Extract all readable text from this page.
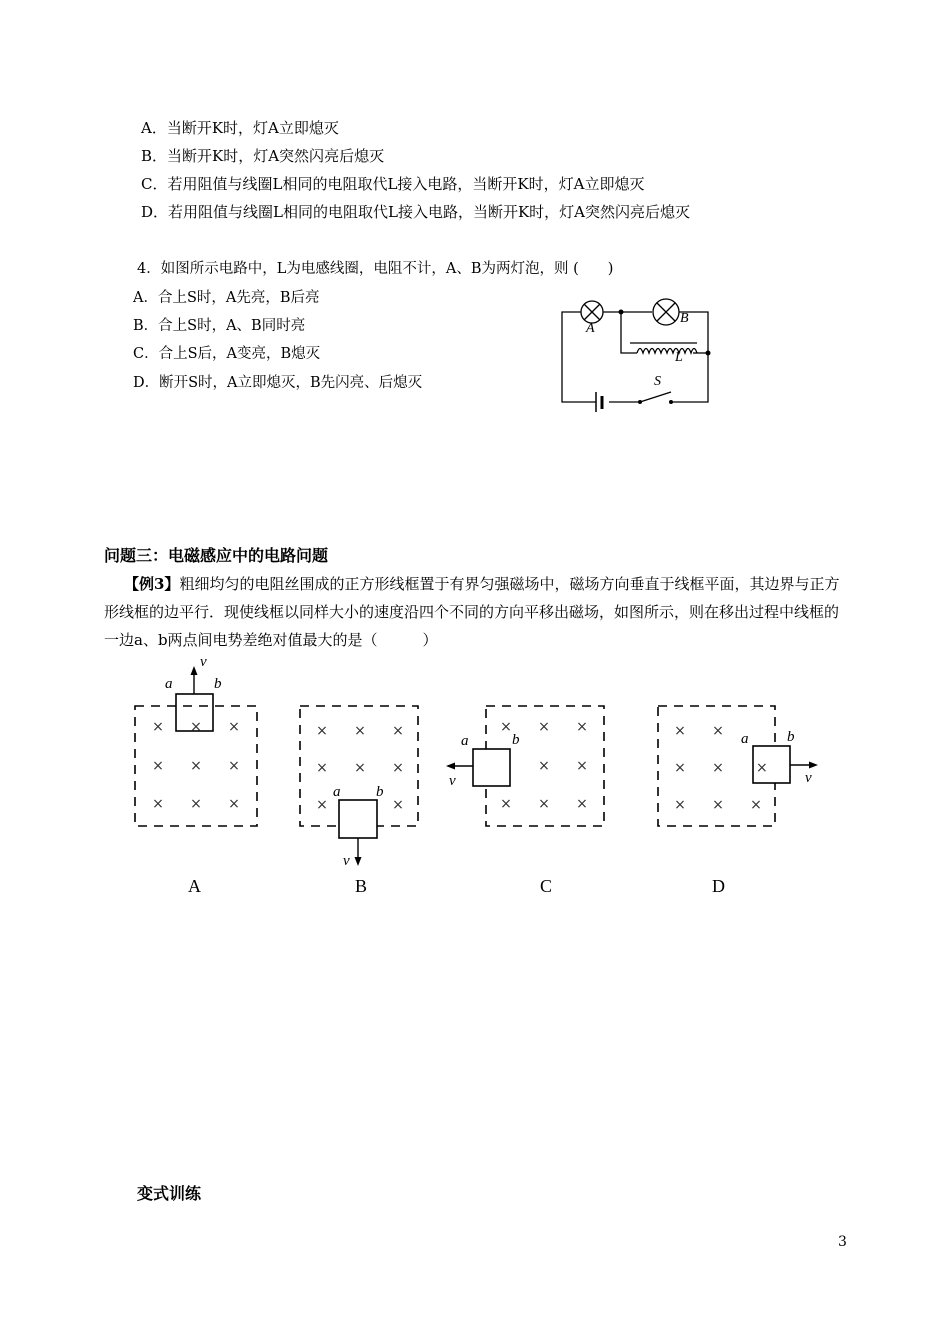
A．当断开K时，灯A立即熄灭
B．当断开K时，灯A突然闪亮后熄灭
C．若用阻值与线圈L相同的电阻取代L接入电路，当断开K时，灯A立即熄灭
D．若用阻值与线圈L相同的电阻取代L接入电路，当断开K时，灯A突然闪亮后熄灭
4．如图所示电路中，L为电感线圈，电阻不计，A、B为两灯泡，则 (　　)
A．合上S时，A先亮，B后亮
B．合上S时，A、B同时亮
C．合上S后，A变亮，B熄灭
D．断开S时，A立即熄灭，B先闪亮、后熄灭
问题三：电磁感应中的电路问题
【例3】粗细均匀的电阻丝围成的正方形线框置于有界匀强磁场中，磁场方向垂直于线框平面，其边界与正方形线框的边平行．现使线框以同样大小的速度沿四个不同的方向平移出磁场，如图所示，则在移出过程中线框的一边a、b两点间电势差绝对值最大的是（　　　）
A
B
L
S
× × ×
× × ×
× × ×
a	b
v
× × ×
× × ×
×	×
a b
v
× × ×
× ×
× × ×
a	b
v
× ×
× ×
× × ×
×
a	b
v
A	B	C	D
变式训练
3
